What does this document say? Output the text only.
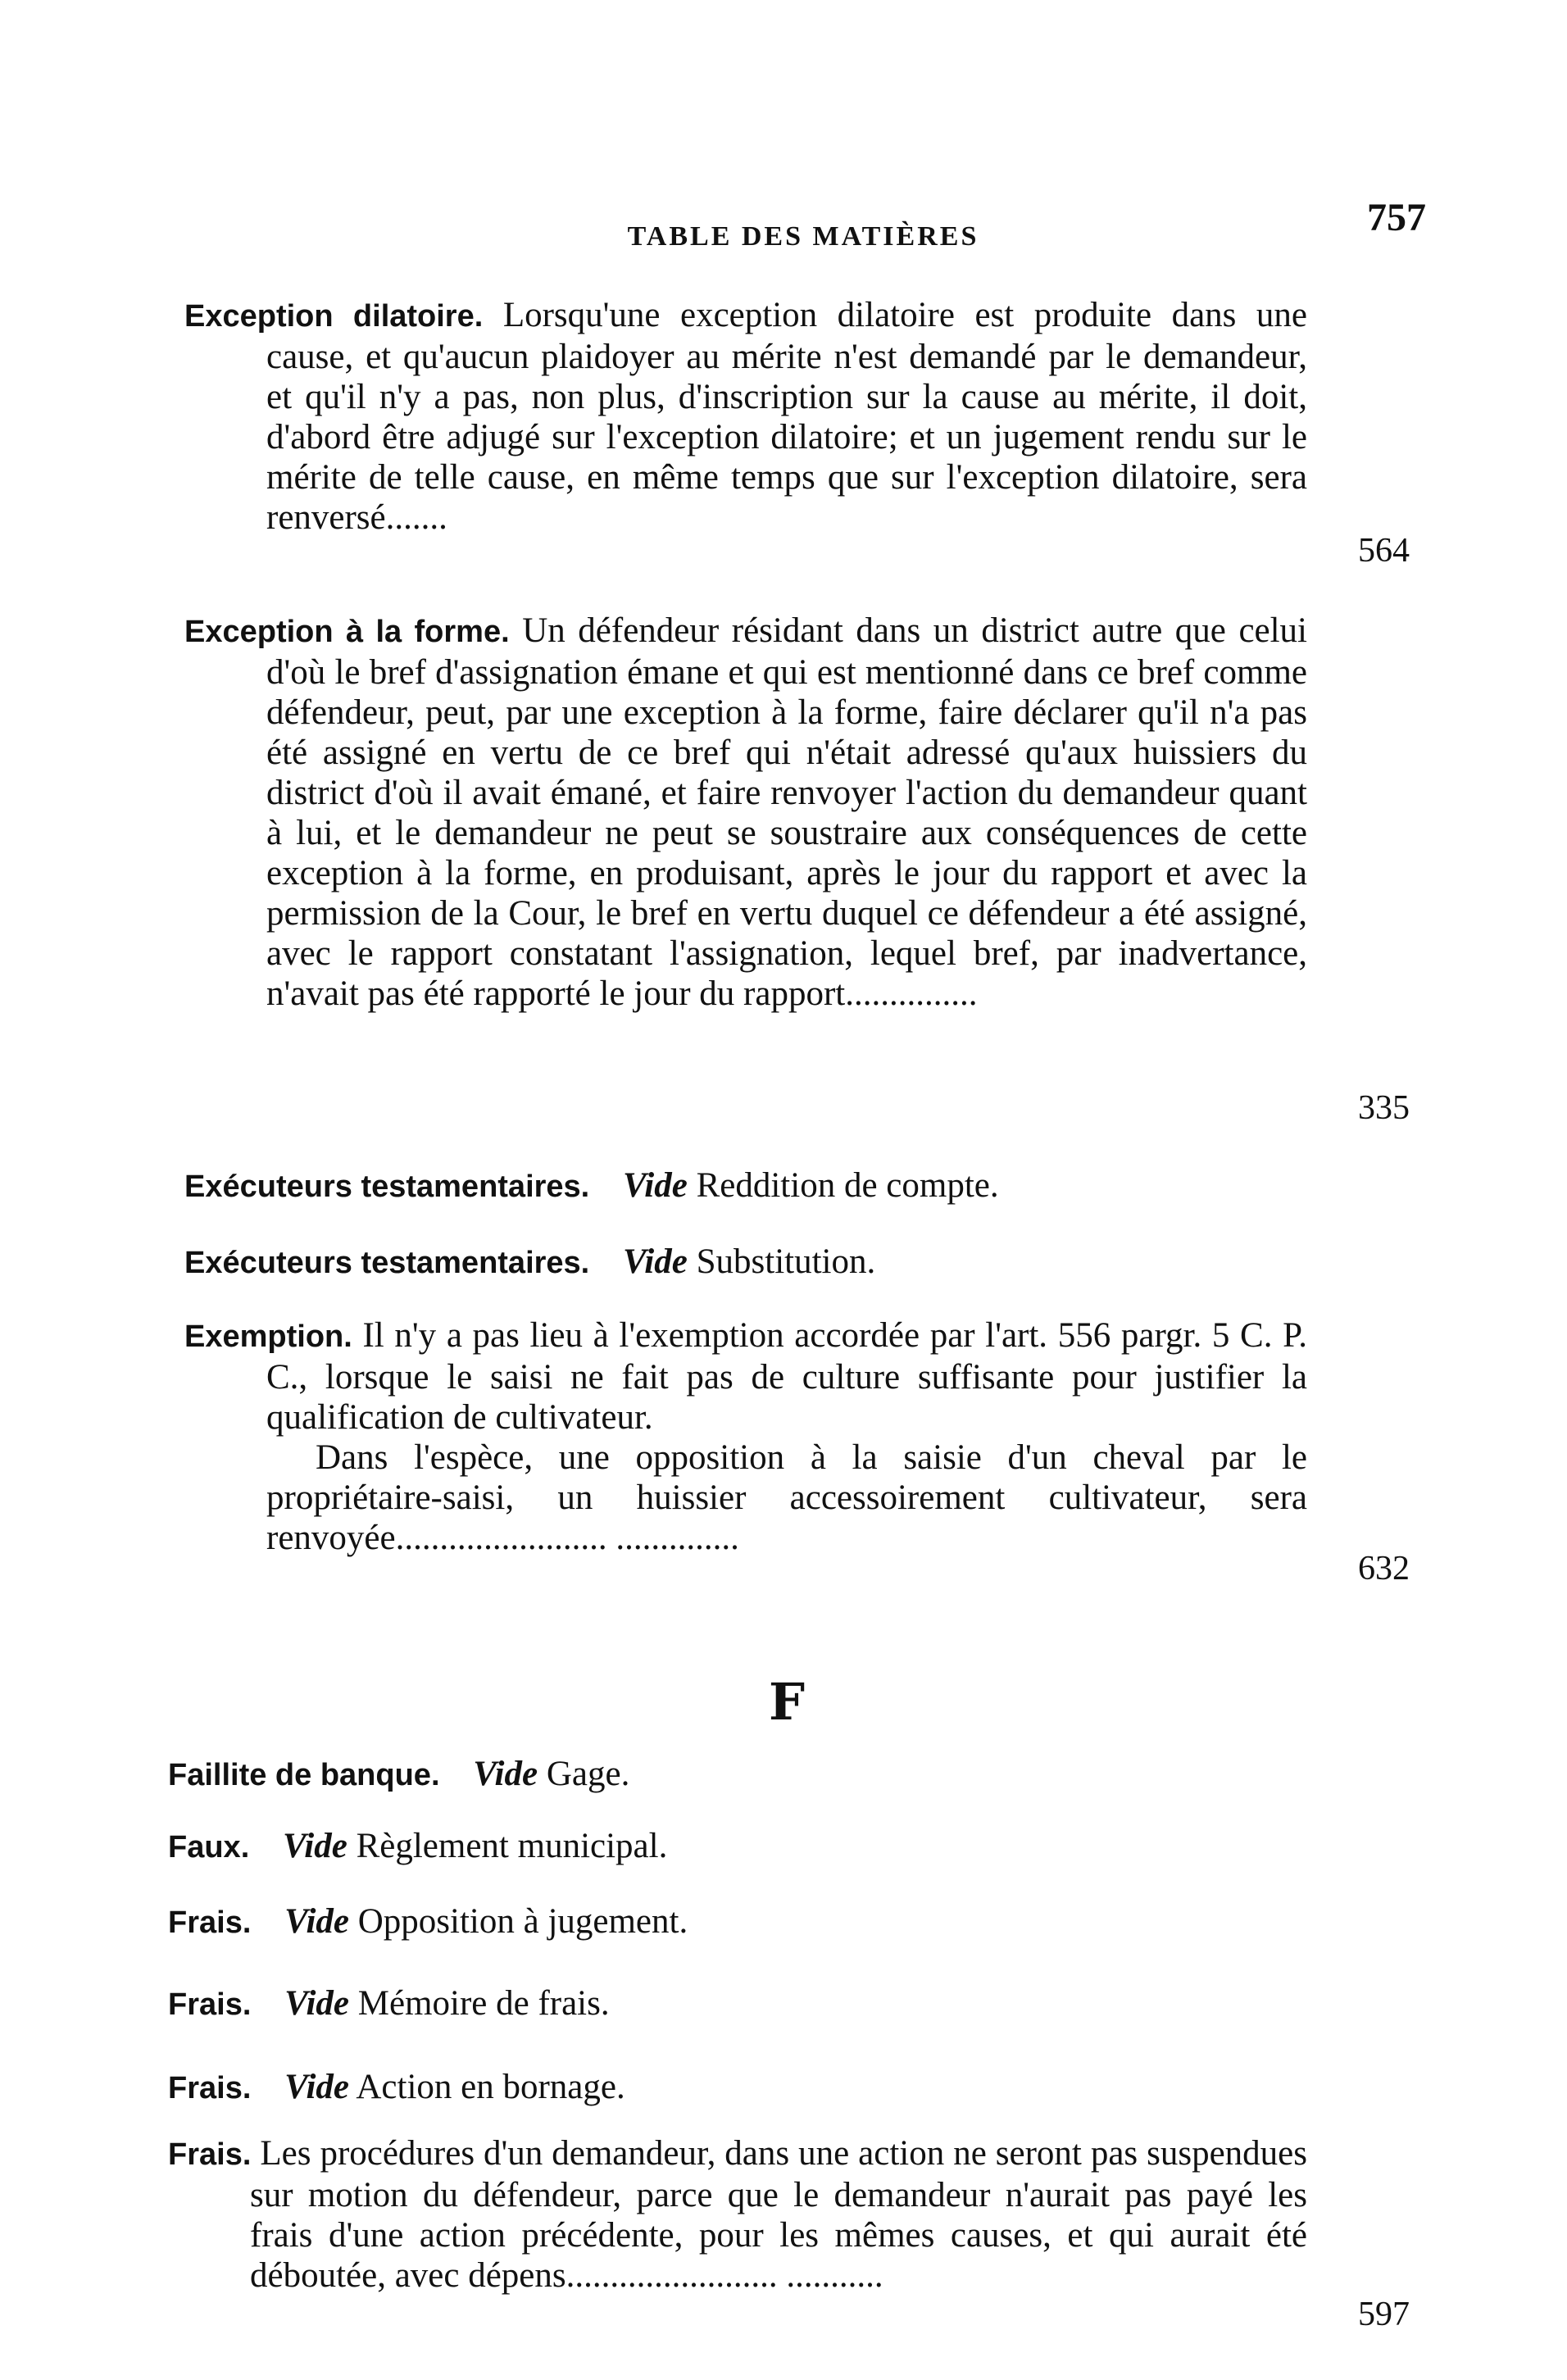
TABLE DES MATIÈRES	757

Exception dilatoire. Lorsqu'une exception dilatoire est produite dans une cause, et qu'aucun plaidoyer au mérite n'est demandé par le demandeur, et qu'il n'y a pas, non plus, d'inscription sur la cause au mérite, il doit, d'abord être adjugé sur l'exception dilatoire; et un jugement rendu sur le mérite de telle cause, en même temps que sur l'exception dilatoire, sera renversé.......

564

Exception à la forme. Un défendeur résidant dans un district autre que celui d'où le bref d'assignation émane et qui est mentionné dans ce bref comme défendeur, peut, par une exception à la forme, faire déclarer qu'il n'a pas été assigné en vertu de ce bref qui n'était adressé qu'aux huissiers du district d'où il avait émané, et faire renvoyer l'action du demandeur quant à lui, et le demandeur ne peut se soustraire aux conséquences de cette exception à la forme, en produisant, après le jour du rapport et avec la permission de la Cour, le bref en vertu duquel ce défendeur a été assigné, avec le rapport constatant l'assignation, lequel bref, par inadvertance, n'avait pas été rapporté le jour du rapport...............

335
Exécuteurs testamentaires. Vide Reddition de compte.
Exécuteurs testamentaires. Vide Substitution.

Exemption. Il n'y a pas lieu à l'exemption accordée par l'art. 556 pargr. 5 C. P. C., lorsque le saisi ne fait pas de culture suffisante pour justifier la qualification de cultivateur.

Dans l'espèce, une opposition à la saisie d'un cheval par le propriétaire-saisi, un huissier accessoirement cultivateur, sera renvoyée........................ ..............

632
F
Faillite de banque. Vide Gage.
Faux. Vide Règlement municipal.
Frais. Vide Opposition à jugement.
Frais. Vide Mémoire de frais.
Frais. Vide Action en bornage.

Frais. Les procédures d'un demandeur, dans une action ne seront pas suspendues sur motion du défendeur, parce que le demandeur n'aurait pas payé les frais d'une action précédente, pour les mêmes causes, et qui aurait été déboutée, avec dépens........................ ...........

597
